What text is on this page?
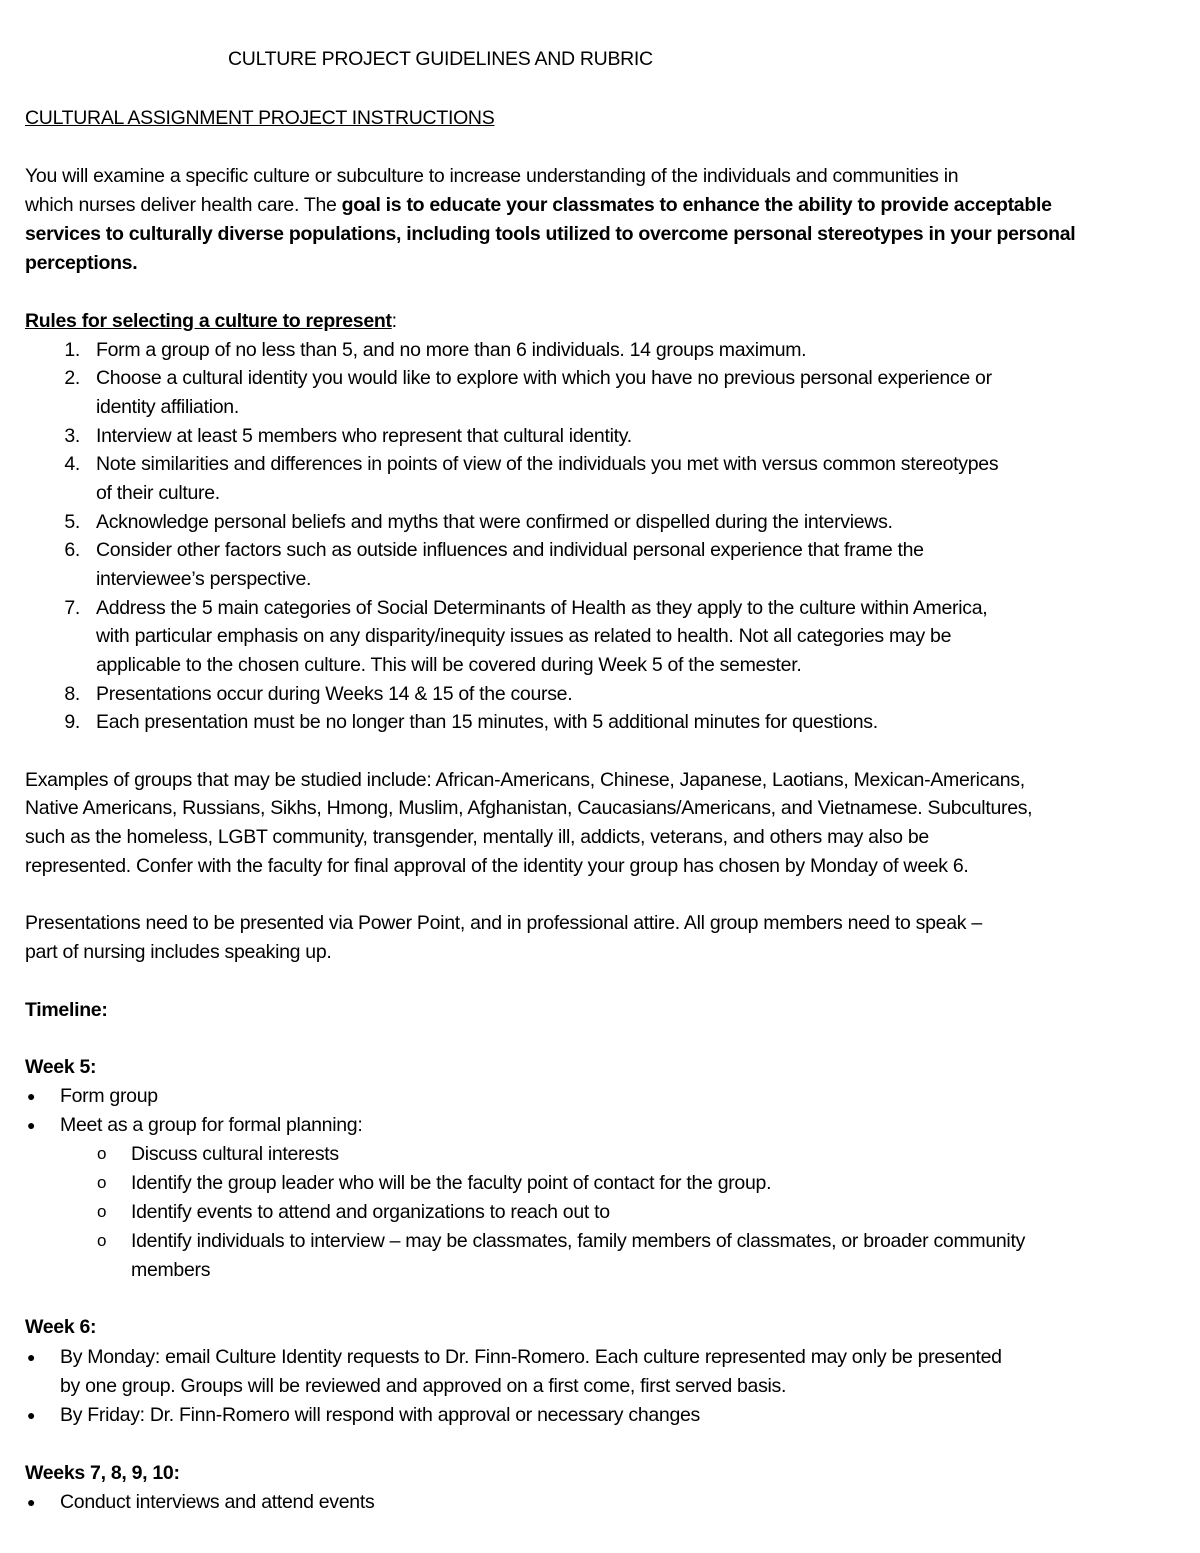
CULTURE PROJECT GUIDELINES AND RUBRIC
CULTURAL ASSIGNMENT PROJECT INSTRUCTIONS
You will examine a specific culture or subculture to increase understanding of the individuals and communities in
which nurses deliver health care. The goal is to educate your classmates to enhance the ability to provide acceptable
services to culturally diverse populations, including tools utilized to overcome personal stereotypes in your personal
perceptions.
Rules for selecting a culture to represent:
1. Form a group of no less than 5, and no more than 6 individuals. 14 groups maximum.
2. Choose a cultural identity you would like to explore with which you have no previous personal experience or
identity affiliation.
3. Interview at least 5 members who represent that cultural identity.
4. Note similarities and differences in points of view of the individuals you met with versus common stereotypes
of their culture.
5. Acknowledge personal beliefs and myths that were confirmed or dispelled during the interviews.
6. Consider other factors such as outside influences and individual personal experience that frame the
interviewee’s perspective.
7. Address the 5 main categories of Social Determinants of Health as they apply to the culture within America,
with particular emphasis on any disparity/inequity issues as related to health. Not all categories may be
applicable to the chosen culture. This will be covered during Week 5 of the semester.
8. Presentations occur during Weeks 14 & 15 of the course.
9. Each presentation must be no longer than 15 minutes, with 5 additional minutes for questions.
Examples of groups that may be studied include: African-Americans, Chinese, Japanese, Laotians, Mexican-Americans,
Native Americans, Russians, Sikhs, Hmong, Muslim, Afghanistan, Caucasians/Americans, and Vietnamese. Subcultures,
such as the homeless, LGBT community, transgender, mentally ill, addicts, veterans, and others may also be
represented. Confer with the faculty for final approval of the identity your group has chosen by Monday of week 6.
Presentations need to be presented via Power Point, and in professional attire. All group members need to speak –
part of nursing includes speaking up.
Timeline:
Week 5:
● Form group
● Meet as a group for formal planning:
o Discuss cultural interests
o Identify the group leader who will be the faculty point of contact for the group.
o Identify events to attend and organizations to reach out to
o Identify individuals to interview – may be classmates, family members of classmates, or broader community
members
Week 6:
● By Monday: email Culture Identity requests to Dr. Finn-Romero. Each culture represented may only be presented
by one group. Groups will be reviewed and approved on a first come, first served basis.
● By Friday: Dr. Finn-Romero will respond with approval or necessary changes
Weeks 7, 8, 9, 10:
● Conduct interviews and attend events
